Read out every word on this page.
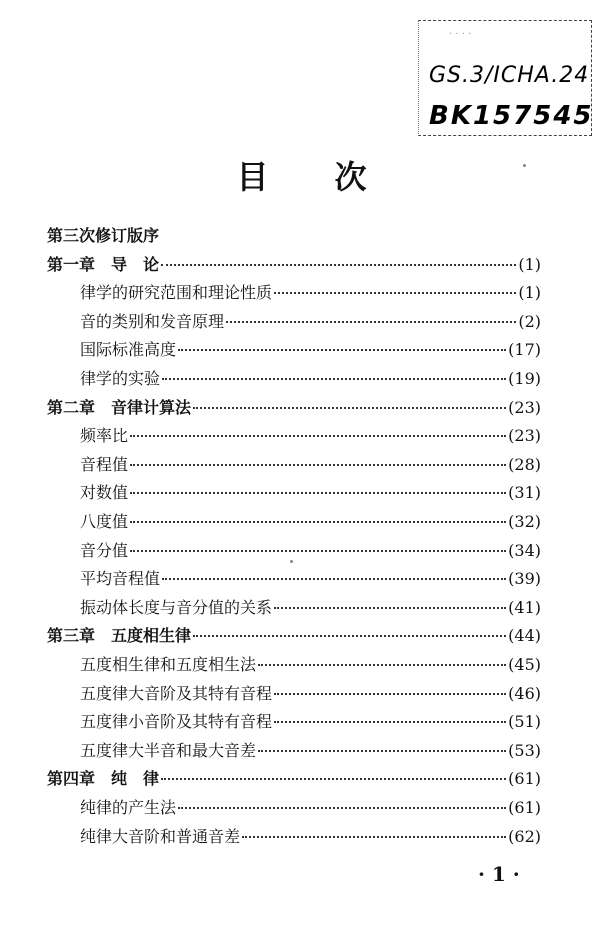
· · · ·
GS.3/ICHA.24
BK157545
目 次
第三次修订版序
第一章　导　论	(1)
律学的研究范围和理论性质	(1)
音的类别和发音原理	(2)
国际标准高度	(17)
律学的实验	(19)
第二章　音律计算法	(23)
频率比	(23)
音程值	(28)
对数值	(31)
八度值	(32)
音分值	(34)
平均音程值	(39)
振动体长度与音分值的关系	(41)
第三章　五度相生律	(44)
五度相生律和五度相生法	(45)
五度律大音阶及其特有音程	(46)
五度律小音阶及其特有音程	(51)
五度律大半音和最大音差	(53)
第四章　纯　律	(61)
纯律的产生法	(61)
纯律大音阶和普通音差	(62)
· 1 ·
